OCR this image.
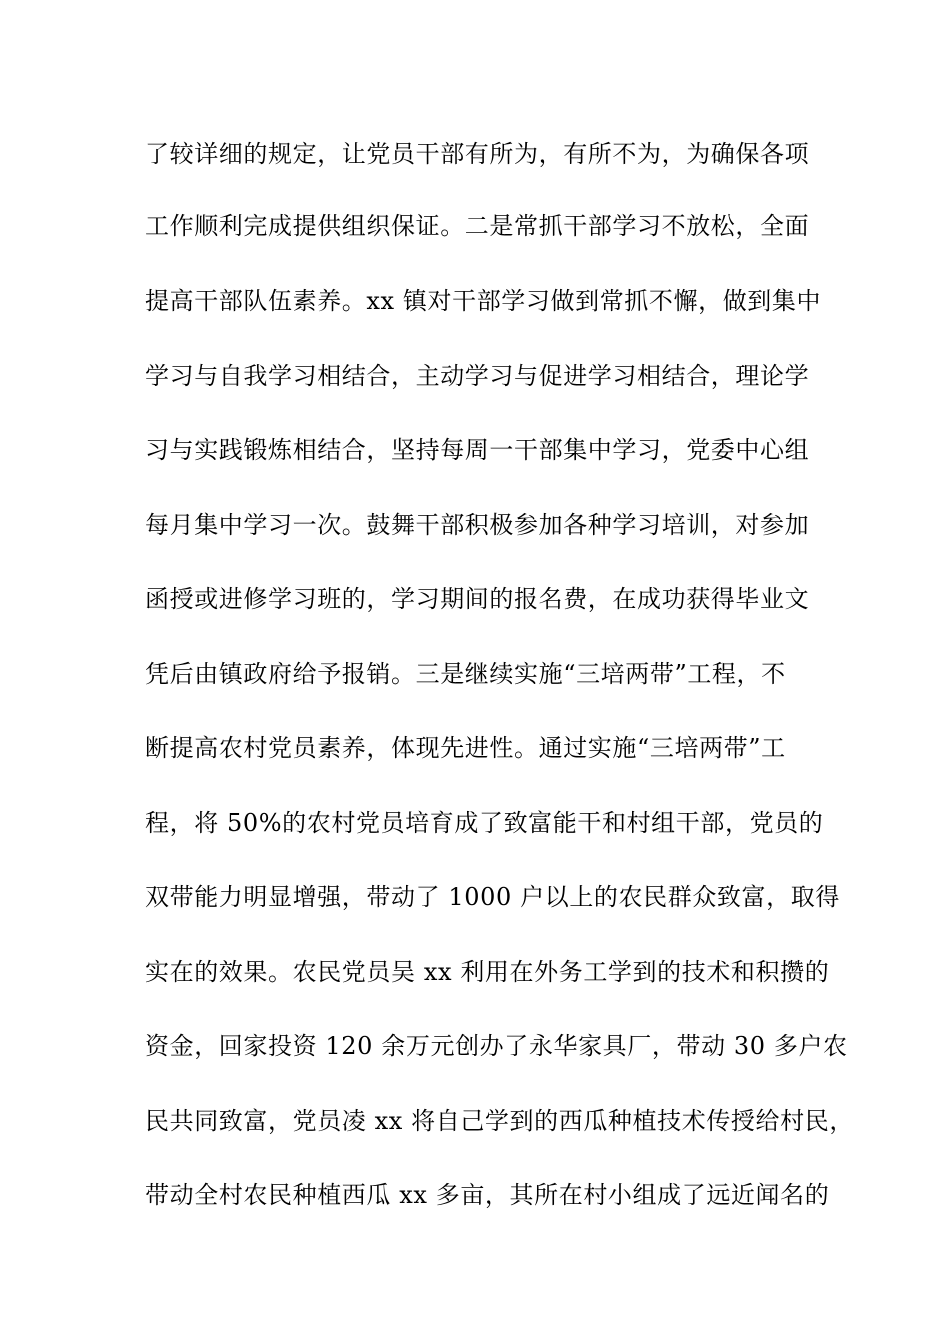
了较详细的规定，让党员干部有所为，有所不为，为确保各项
工作顺利完成提供组织保证。二是常抓干部学习不放松，全面
提高干部队伍素养。xx 镇对干部学习做到常抓不懈，做到集中
学习与自我学习相结合，主动学习与促进学习相结合，理论学
习与实践锻炼相结合，坚持每周一干部集中学习，党委中心组
每月集中学习一次。鼓舞干部积极参加各种学习培训，对参加
函授或进修学习班的，学习期间的报名费，在成功获得毕业文
凭后由镇政府给予报销。三是继续实施“三培两带”工程，不
断提高农村党员素养，体现先进性。通过实施“三培两带”工
程，将 50%的农村党员培育成了致富能干和村组干部，党员的
双带能力明显增强，带动了 1000 户以上的农民群众致富，取得
实在的效果。农民党员吴 xx 利用在外务工学到的技术和积攒的
资金，回家投资 120 余万元创办了永华家具厂，带动 30 多户农
民共同致富，党员凌 xx 将自己学到的西瓜种植技术传授给村民，
带动全村农民种植西瓜 xx 多亩，其所在村小组成了远近闻名的
